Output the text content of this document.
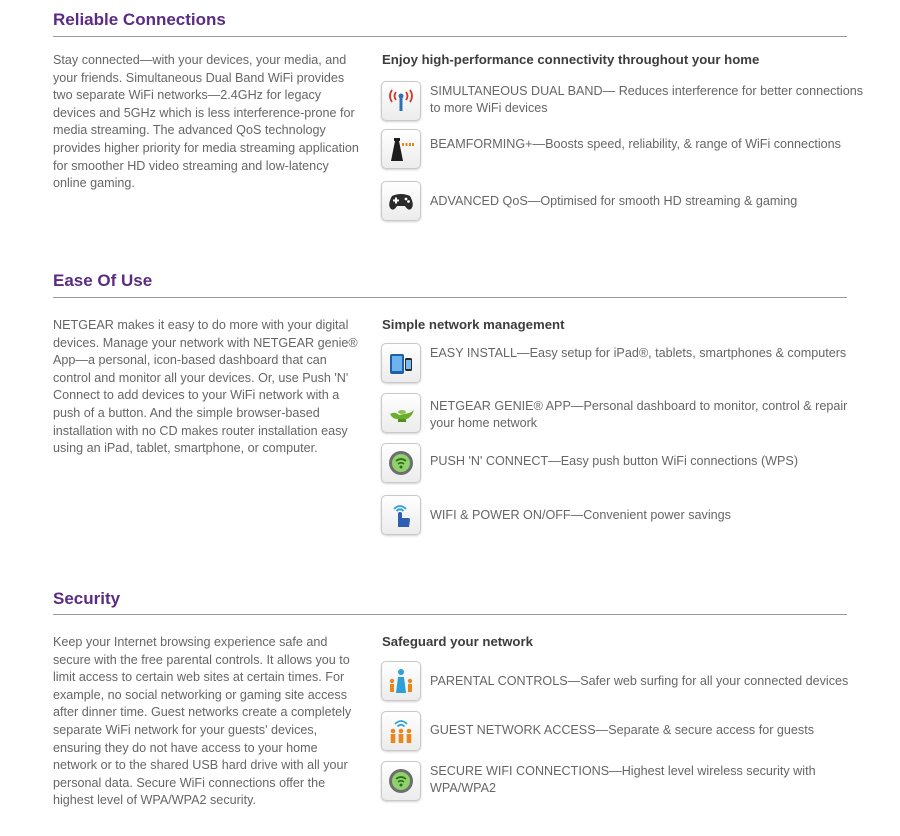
Reliable Connections

Stay connected—with your devices, your media, and your friends. Simultaneous Dual Band WiFi provides two separate WiFi networks—2.4GHz for legacy devices and 5GHz which is less interference-prone for media streaming. The advanced QoS technology provides higher priority for media streaming application for smoother HD video streaming and low-latency online gaming.

Enjoy high-performance connectivity throughout your home

SIMULTANEOUS DUAL BAND— Reduces interference for better connections to more WiFi devices

BEAMFORMING+—Boosts speed, reliability, & range of WiFi connections

ADVANCED QoS—Optimised for smooth HD streaming & gaming

Ease Of Use

NETGEAR makes it easy to do more with your digital devices. Manage your network with NETGEAR genie® App—a personal, icon-based dashboard that can control and monitor all your devices. Or, use Push 'N' Connect to add devices to your WiFi network with a push of a button. And the simple browser-based installation with no CD makes router installation easy using an iPad, tablet, smartphone, or computer.

Simple network management

EASY INSTALL—Easy setup for iPad®, tablets, smartphones & computers

NETGEAR GENIE® APP—Personal dashboard to monitor, control & repair your home network

PUSH 'N' CONNECT—Easy push button WiFi connections (WPS)

WIFI & POWER ON/OFF—Convenient power savings

Security

Keep your Internet browsing experience safe and secure with the free parental controls. It allows you to limit access to certain web sites at certain times. For example, no social networking or gaming site access after dinner time. Guest networks create a completely separate WiFi network for your guests' devices, ensuring they do not have access to your home network or to the shared USB hard drive with all your personal data. Secure WiFi connections offer the highest level of WPA/WPA2 security.

Safeguard your network

PARENTAL CONTROLS—Safer web surfing for all your connected devices

GUEST NETWORK ACCESS—Separate & secure access for guests

SECURE WIFI CONNECTIONS—Highest level wireless security with WPA/WPA2
